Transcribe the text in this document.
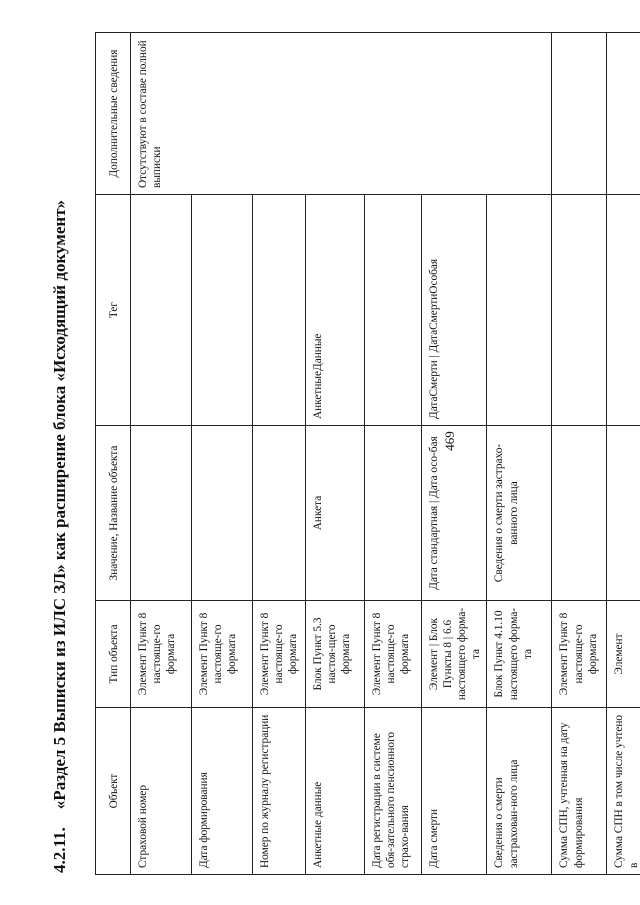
469
4.2.11.«Раздел 5 Выписки из ИЛС ЗЛ» как расширение блока «Исходящий документ»	Объект	Тип объекта	Значение, Название объекта	Тег	Дополнительные сведения
Страховой номер	Элемент Пункт 8 настояще-го формата			Отсутствуют в составе полной выписки
Дата формирования	Элемент Пункт 8 настояще-го формата			
Номер по журналу регистрации	Элемент Пункт 8 настояще-го формата			
Анкетные данные	Блок Пункт 5.3 настоя-щего формата	Анкета	АнкетныеДанные	
Дата регистрации в системе обя-зательного пенсионного страхо-вания	Элемент Пункт 8 настояще-го формата			
Дата смерти	Элемент | Блок Пункты 8 | 6.6 настоящего форма-та	Дата стандартная | Дата осо-бая	ДатаСмерти | ДатаСмертиОсобая	
Сведения о смерти застрахован-ного лица	Блок Пункт 4.1.10 настоящего форма-та	Сведения о смерти застрахо-ванного лица		
Сумма СПН, учтенная на дату формирования	Элемент Пункт 8 настояще-го формата			
Сумма СПН в том числе учтено в	Элемент			
